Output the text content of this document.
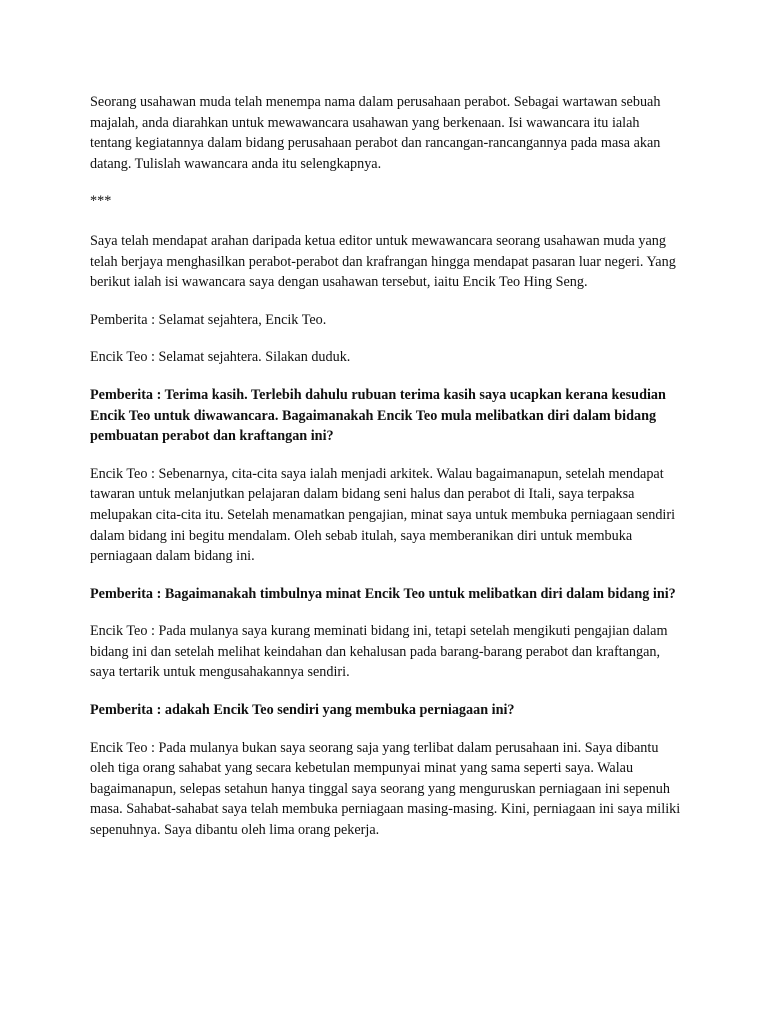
Seorang usahawan muda telah menempa nama dalam perusahaan perabot. Sebagai wartawan sebuah majalah, anda diarahkan untuk mewawancara usahawan yang berkenaan. Isi wawancara itu ialah tentang kegiatannya dalam bidang perusahaan perabot dan rancangan-rancangannya pada masa akan datang. Tulislah wawancara anda itu selengkapnya.

***

Saya telah mendapat arahan daripada ketua editor untuk mewawancara seorang usahawan muda yang telah berjaya menghasilkan perabot-perabot dan krafrangan hingga mendapat pasaran luar negeri. Yang berikut ialah isi wawancara saya dengan usahawan tersebut, iaitu Encik Teo Hing Seng.

Pemberita : Selamat sejahtera, Encik Teo.

Encik Teo : Selamat sejahtera. Silakan duduk.

Pemberita : Terima kasih. Terlebih dahulu rubuan terima kasih saya ucapkan kerana kesudian Encik Teo untuk diwawancara. Bagaimanakah Encik Teo mula melibatkan diri dalam bidang pembuatan perabot dan kraftangan ini?

Encik Teo : Sebenarnya, cita-cita saya ialah menjadi arkitek. Walau bagaimanapun, setelah mendapat tawaran untuk melanjutkan pelajaran dalam bidang seni halus dan perabot di Itali, saya terpaksa melupakan cita-cita itu. Setelah menamatkan pengajian, minat saya untuk membuka perniagaan sendiri dalam bidang ini begitu mendalam. Oleh sebab itulah, saya memberanikan diri untuk membuka perniagaan dalam bidang ini.

Pemberita : Bagaimanakah timbulnya minat Encik Teo untuk melibatkan diri dalam bidang ini?

Encik Teo : Pada mulanya saya kurang meminati bidang ini, tetapi setelah mengikuti pengajian dalam bidang ini dan setelah melihat keindahan dan kehalusan pada barang-barang perabot dan kraftangan, saya tertarik untuk mengusahakannya sendiri.

Pemberita : adakah Encik Teo sendiri yang membuka perniagaan ini?

Encik Teo : Pada mulanya bukan saya seorang saja yang terlibat dalam perusahaan ini. Saya dibantu oleh tiga orang sahabat yang secara kebetulan mempunyai minat yang sama seperti saya. Walau bagaimanapun, selepas setahun hanya tinggal saya seorang yang menguruskan perniagaan ini sepenuh masa. Sahabat-sahabat saya telah membuka perniagaan masing-masing. Kini, perniagaan ini saya miliki sepenuhnya. Saya dibantu oleh lima orang pekerja.
